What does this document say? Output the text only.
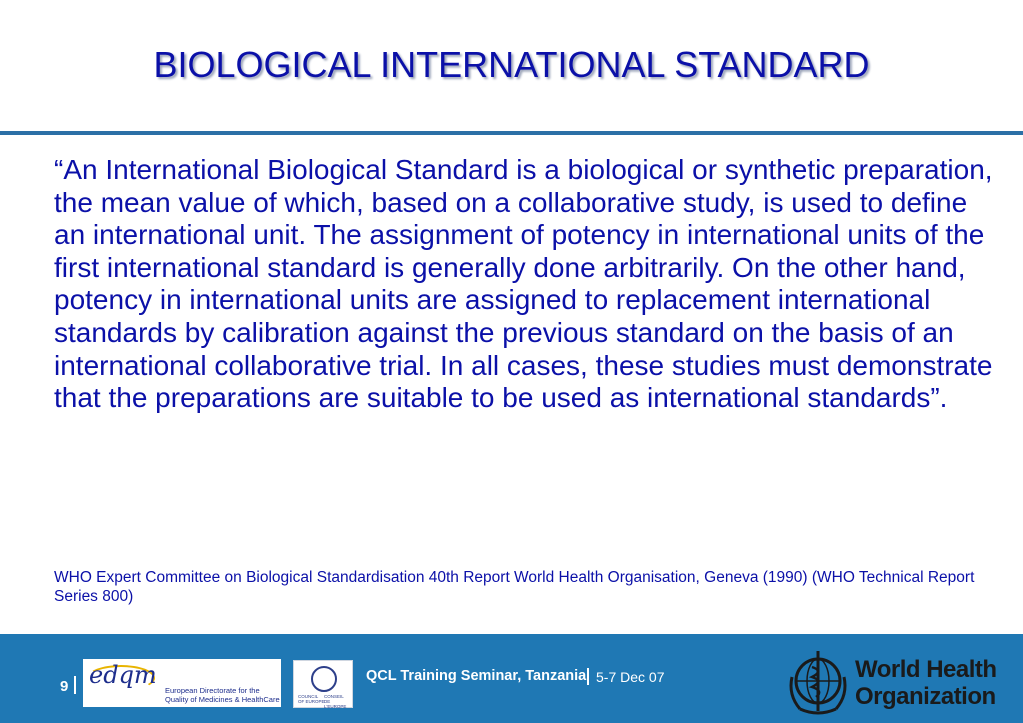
BIOLOGICAL INTERNATIONAL STANDARD

“An International Biological Standard is a biological or synthetic preparation, the mean value of which, based on a collaborative study, is used to define an international unit. The assignment of potency in international units of the first international standard is generally done arbitrarily. On the other hand, potency in international units are assigned to replacement international standards by calibration against the previous standard on the basis of an international collaborative trial. In all cases, these studies must demonstrate that the preparations are suitable to be used as international standards”.

WHO Expert Committee on Biological Standardisation 40th Report World Health Organisation, Geneva (1990) (WHO Technical Report Series 800)

9 edqm
European Directorate for the
Quality of Medicines & HealthCare	COUNCIL
OF EUROPE
CONSEIL
DE L'EUROPE
QCL Training Seminar, Tanzania 5-7 Dec 07	World Health
Organization
